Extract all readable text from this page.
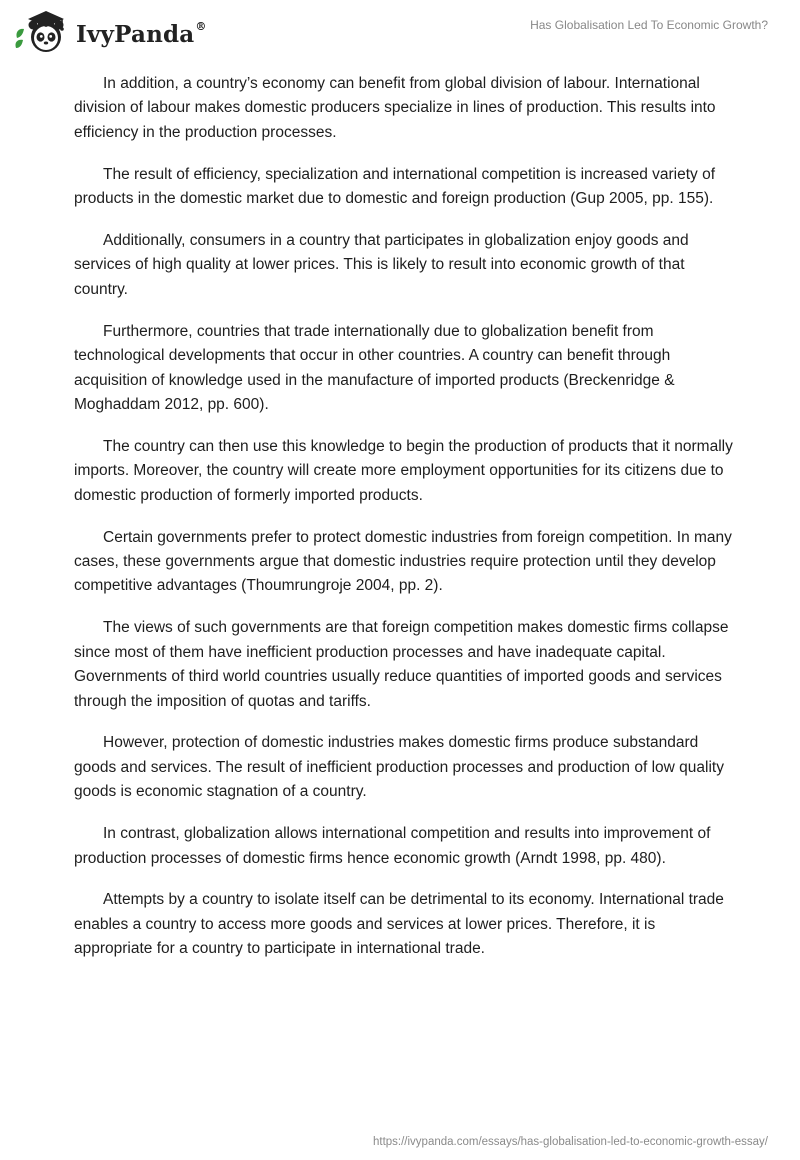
IvyPanda®	Has Globalisation Led To Economic Growth?

In addition, a country’s economy can benefit from global division of labour. International division of labour makes domestic producers specialize in lines of production. This results into efficiency in the production processes.

The result of efficiency, specialization and international competition is increased variety of products in the domestic market due to domestic and foreign production (Gup 2005, pp. 155).

Additionally, consumers in a country that participates in globalization enjoy goods and services of high quality at lower prices. This is likely to result into economic growth of that country.

Furthermore, countries that trade internationally due to globalization benefit from technological developments that occur in other countries. A country can benefit through acquisition of knowledge used in the manufacture of imported products (Breckenridge & Moghaddam 2012, pp. 600).

The country can then use this knowledge to begin the production of products that it normally imports. Moreover, the country will create more employment opportunities for its citizens due to domestic production of formerly imported products.

Certain governments prefer to protect domestic industries from foreign competition. In many cases, these governments argue that domestic industries require protection until they develop competitive advantages (Thoumrungroje 2004, pp. 2).

The views of such governments are that foreign competition makes domestic firms collapse since most of them have inefficient production processes and have inadequate capital. Governments of third world countries usually reduce quantities of imported goods and services through the imposition of quotas and tariffs.

However, protection of domestic industries makes domestic firms produce substandard goods and services. The result of inefficient production processes and production of low quality goods is economic stagnation of a country.

In contrast, globalization allows international competition and results into improvement of production processes of domestic firms hence economic growth (Arndt 1998, pp. 480).

Attempts by a country to isolate itself can be detrimental to its economy. International trade enables a country to access more goods and services at lower prices. Therefore, it is appropriate for a country to participate in international trade.

https://ivypanda.com/essays/has-globalisation-led-to-economic-growth-essay/
